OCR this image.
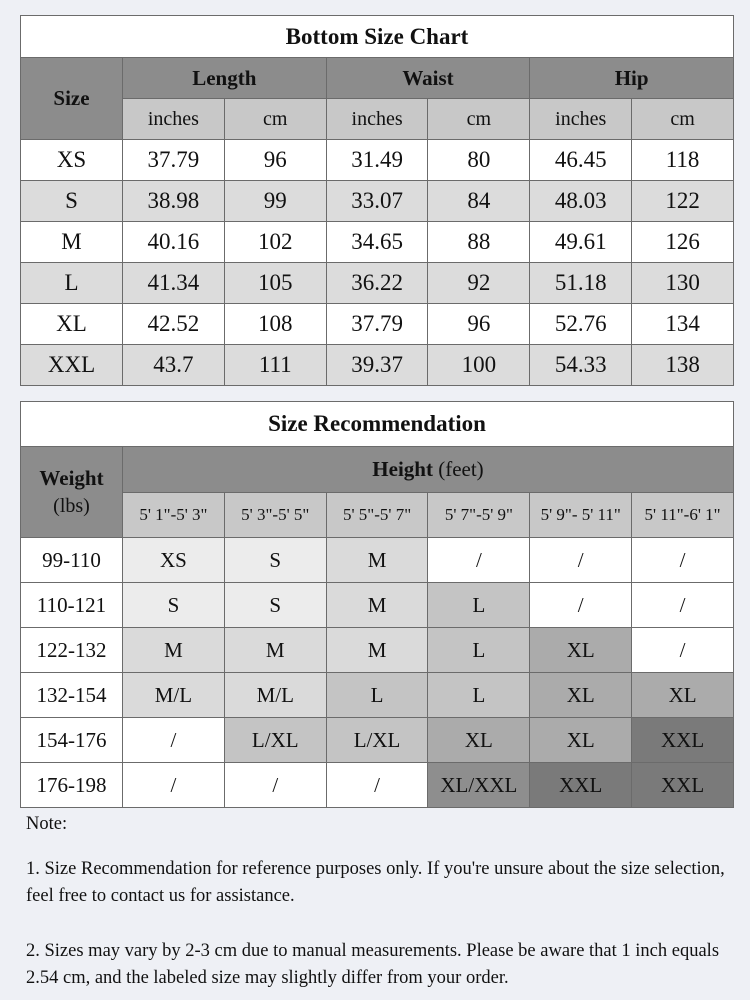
Bottom Size Chart						
Size	Length		Waist		Hip	
	inches	cm	inches	cm	inches	cm
XS	37.79	96	31.49	80	46.45	118
S	38.98	99	33.07	84	48.03	122
M	40.16	102	34.65	88	49.61	126
L	41.34	105	36.22	92	51.18	130
XL	42.52	108	37.79	96	52.76	134
XXL	43.7	111	39.37	100	54.33	138
Size Recommendation						
Weight
(lbs)	Height (feet)					
	5' 1"-5' 3"	5' 3"-5' 5"	5' 5"-5' 7"	5' 7"-5' 9"	5' 9"- 5' 11"	5' 11"-6' 1"
99-110	XS	S	M	/	/	/
110-121	S	S	M	L	/	/
122-132	M	M	M	L	XL	/
132-154	M/L	M/L	L	L	XL	XL
154-176	/	L/XL	L/XL	XL	XL	XXL
176-198	/	/	/	XL/XXL	XXL	XXL

Note:

1. Size Recommendation for reference purposes only. If you're unsure about the size selection, feel free to contact us for assistance.

2. Sizes may vary by 2-3 cm due to manual measurements. Please be aware that 1 inch equals 2.54 cm, and the labeled size may slightly differ from your order.
